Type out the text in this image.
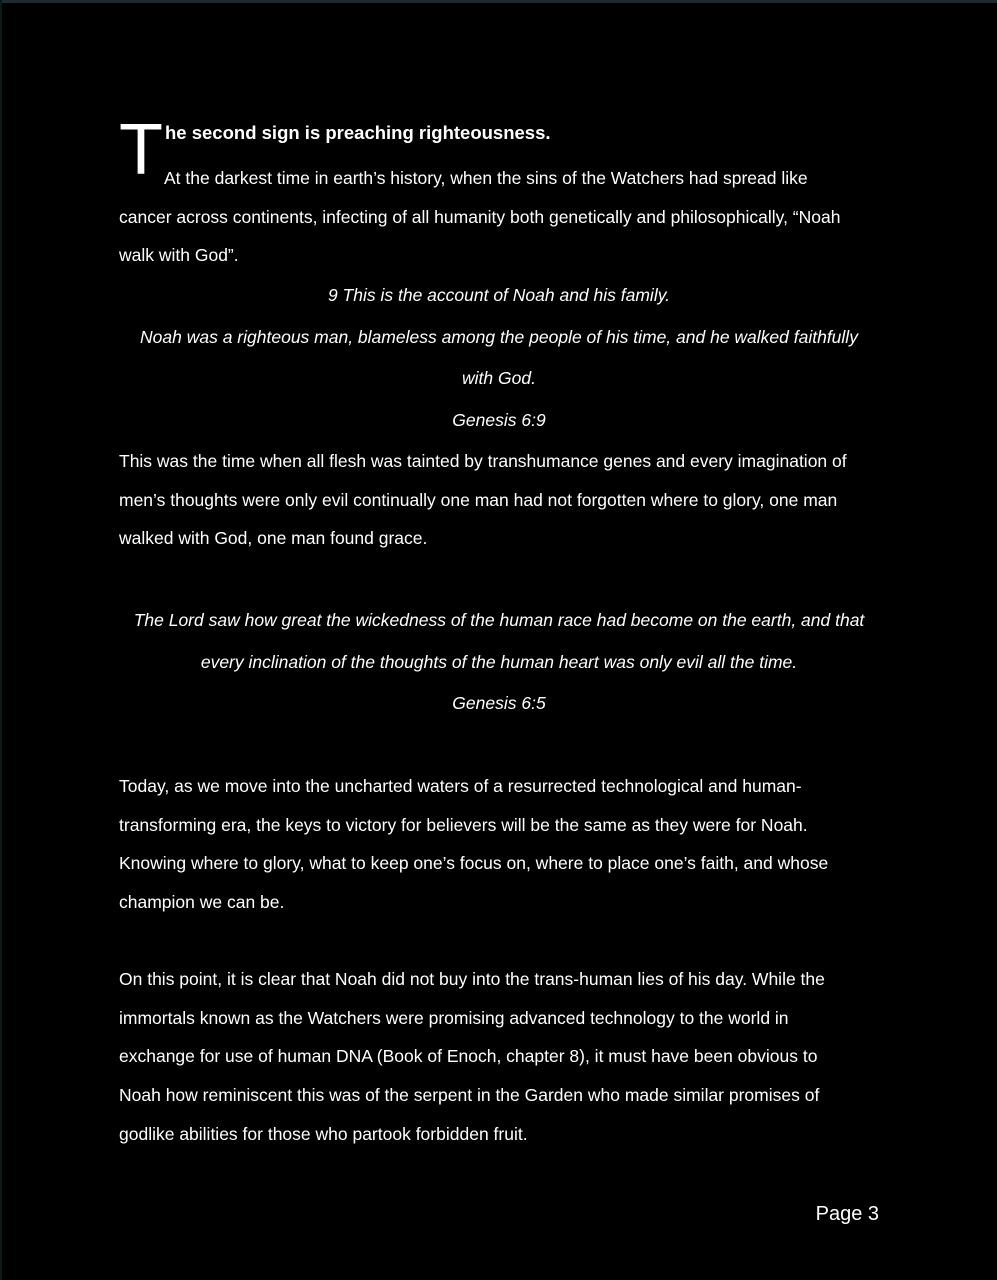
T he second sign is preaching righteousness.
At the darkest time in earth’s history, when the sins of the Watchers had spread like
cancer across continents, infecting of all humanity both genetically and philosophically, “Noah
walk with God”.
9 This is the account of Noah and his family.
Noah was a righteous man, blameless among the people of his time, and he walked faithfully
with God.
Genesis 6:9
This was the time when all flesh was tainted by transhumance genes and every imagination of
men’s thoughts were only evil continually one man had not forgotten where to glory, one man
walked with God, one man found grace.
The Lord saw how great the wickedness of the human race had become on the earth, and that
every inclination of the thoughts of the human heart was only evil all the time.
Genesis 6:5
Today, as we move into the uncharted waters of a resurrected technological and human-
transforming era, the keys to victory for believers will be the same as they were for Noah.
Knowing where to glory, what to keep one’s focus on, where to place one’s faith, and whose
champion we can be.
On this point, it is clear that Noah did not buy into the trans-human lies of his day. While the
immortals known as the Watchers were promising advanced technology to the world in
exchange for use of human DNA (Book of Enoch, chapter 8), it must have been obvious to
Noah how reminiscent this was of the serpent in the Garden who made similar promises of
godlike abilities for those who partook forbidden fruit.
Page 3
